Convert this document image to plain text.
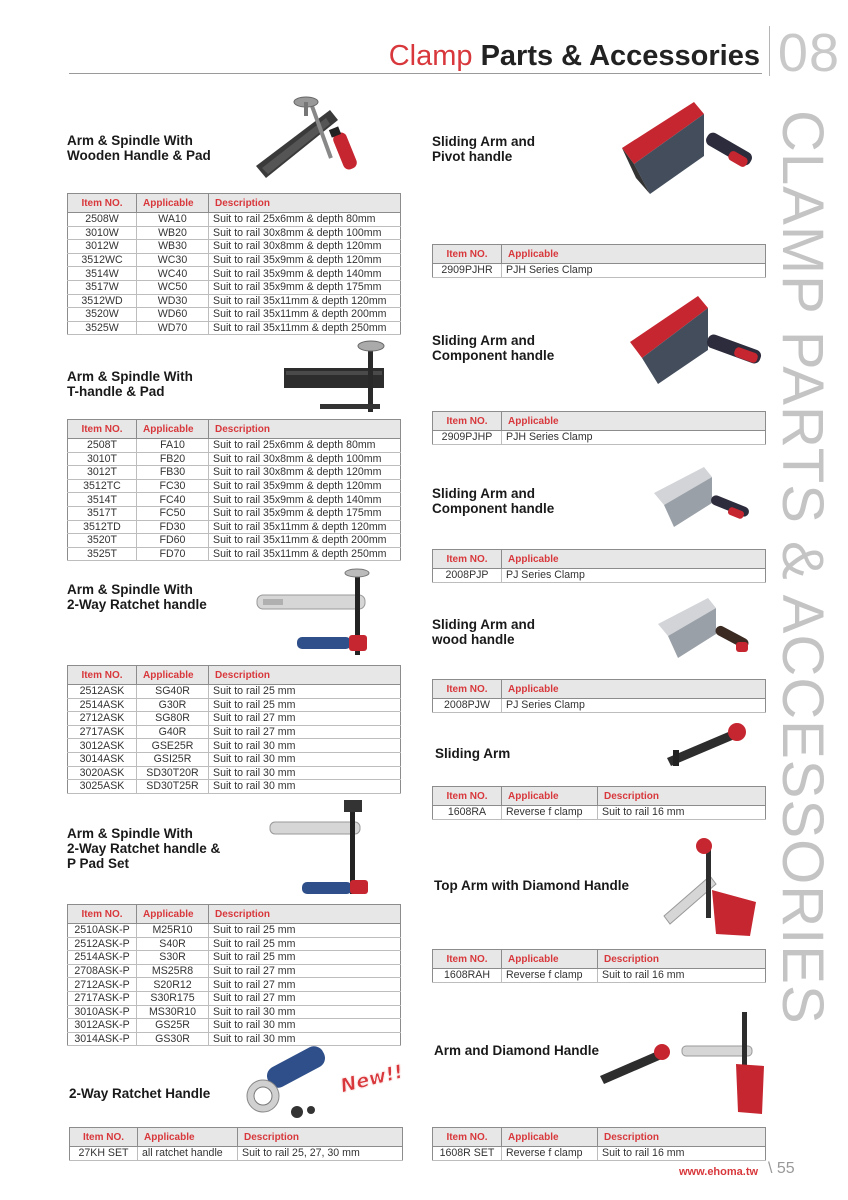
Clamp Parts & Accessories 08
CLAMP PARTS & ACCESSORIES
Arm & Spindle With
Wooden Handle & Pad
Arm & Spindle With
T-handle & Pad
Arm & Spindle With
2-Way Ratchet handle
Arm & Spindle With
2-Way Ratchet handle &
P Pad Set
2-Way Ratchet Handle	New!!
Sliding Arm and
Pivot handle
Sliding Arm and
Component handle
Sliding Arm and
Component handle
Sliding Arm and
wood handle
Sliding Arm
Top Arm with Diamond Handle
Arm and Diamond Handle
Item NO.	Applicable	Description
2508W	WA10	Suit to rail 25x6mm & depth 80mm
3010W	WB20	Suit to rail 30x8mm & depth 100mm
3012W	WB30	Suit to rail 30x8mm & depth 120mm
3512WC	WC30	Suit to rail 35x9mm & depth 120mm
3514W	WC40	Suit to rail 35x9mm & depth 140mm
3517W	WC50	Suit to rail 35x9mm & depth 175mm
3512WD	WD30	Suit to rail 35x11mm & depth 120mm
3520W	WD60	Suit to rail 35x11mm & depth 200mm
3525W	WD70	Suit to rail 35x11mm & depth 250mm
Item NO.	Applicable	Description
2508T	FA10	Suit to rail 25x6mm & depth 80mm
3010T	FB20	Suit to rail 30x8mm & depth 100mm
3012T	FB30	Suit to rail 30x8mm & depth 120mm
3512TC	FC30	Suit to rail 35x9mm & depth 120mm
3514T	FC40	Suit to rail 35x9mm & depth 140mm
3517T	FC50	Suit to rail 35x9mm & depth 175mm
3512TD	FD30	Suit to rail 35x11mm & depth 120mm
3520T	FD60	Suit to rail 35x11mm & depth 200mm
3525T	FD70	Suit to rail 35x11mm & depth 250mm
Item NO.	Applicable	Description
2512ASK	SG40R	Suit to rail 25 mm
2514ASK	G30R	Suit to rail 25 mm
2712ASK	SG80R	Suit to rail 27 mm
2717ASK	G40R	Suit to rail 27 mm
3012ASK	GSE25R	Suit to rail 30 mm
3014ASK	GSI25R	Suit to rail 30 mm
3020ASK	SD30T20R	Suit to rail 30 mm
3025ASK	SD30T25R	Suit to rail 30 mm
Item NO.	Applicable	Description
2510ASK-P	M25R10	Suit to rail 25 mm
2512ASK-P	S40R	Suit to rail 25 mm
2514ASK-P	S30R	Suit to rail 25 mm
2708ASK-P	MS25R8	Suit to rail 27 mm
2712ASK-P	S20R12	Suit to rail 27 mm
2717ASK-P	S30R175	Suit to rail 27 mm
3010ASK-P	MS30R10	Suit to rail 30 mm
3012ASK-P	GS25R	Suit to rail 30 mm
3014ASK-P	GS30R	Suit to rail 30 mm
Item NO.	Applicable	Description
27KH SET	all ratchet handle	Suit to rail 25, 27, 30 mm
Item NO.	Applicable
2909PJHR	PJH Series Clamp
Item NO.	Applicable
2909PJHP	PJH Series Clamp
Item NO.	Applicable
2008PJP	PJ Series Clamp
Item NO.	Applicable
2008PJW	PJ Series Clamp
Item NO.	Applicable	Description
1608RA	Reverse f clamp	Suit to rail 16 mm
Item NO.	Applicable	Description
1608RAH	Reverse f clamp	Suit to rail 16 mm
Item NO.	Applicable	Description
1608R SET	Reverse f clamp	Suit to rail 16 mm
www.ehoma.tw \ 55
